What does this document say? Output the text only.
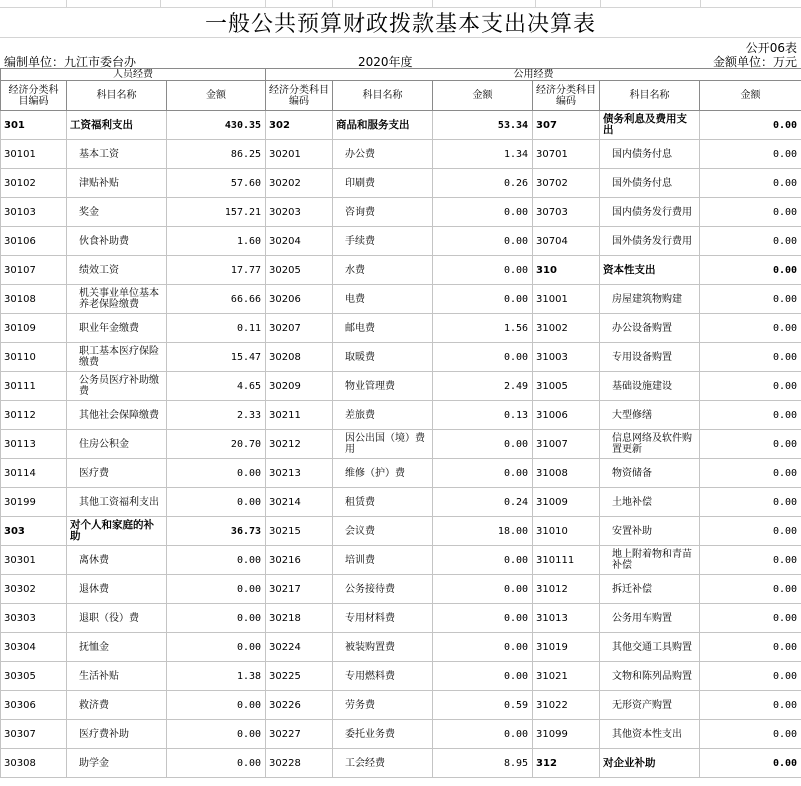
一般公共预算财政拨款基本支出决算表
公开06表
编制单位：九江市委台办	2020年度	金额单位：万元
人员经费			公用经费					
经济分类科目编码	科目名称	金额	经济分类科目编码	科目名称	金额	经济分类科目编码	科目名称	金额
301	工资福利支出	430.35	302	商品和服务支出	53.34	307	债务利息及费用支出	0.00
30101	基本工资	86.25	30201	办公费	1.34	30701	国内债务付息	0.00
30102	津贴补贴	57.60	30202	印刷费	0.26	30702	国外债务付息	0.00
30103	奖金	157.21	30203	咨询费	0.00	30703	国内债务发行费用	0.00
30106	伙食补助费	1.60	30204	手续费	0.00	30704	国外债务发行费用	0.00
30107	绩效工资	17.77	30205	水费	0.00	310	资本性支出	0.00
30108	机关事业单位基本养老保险缴费	66.66	30206	电费	0.00	31001	房屋建筑物购建	0.00
30109	职业年金缴费	0.11	30207	邮电费	1.56	31002	办公设备购置	0.00
30110	职工基本医疗保险缴费	15.47	30208	取暖费	0.00	31003	专用设备购置	0.00
30111	公务员医疗补助缴费	4.65	30209	物业管理费	2.49	31005	基础设施建设	0.00
30112	其他社会保障缴费	2.33	30211	差旅费	0.13	31006	大型修缮	0.00
30113	住房公积金	20.70	30212	因公出国（境）费用	0.00	31007	信息网络及软件购置更新	0.00
30114	医疗费	0.00	30213	维修（护）费	0.00	31008	物资储备	0.00
30199	其他工资福利支出	0.00	30214	租赁费	0.24	31009	土地补偿	0.00
303	对个人和家庭的补助	36.73	30215	会议费	18.00	31010	安置补助	0.00
30301	离休费	0.00	30216	培训费	0.00	310111	地上附着物和青苗补偿	0.00
30302	退休费	0.00	30217	公务接待费	0.00	31012	拆迁补偿	0.00
30303	退职（役）费	0.00	30218	专用材料费	0.00	31013	公务用车购置	0.00
30304	抚恤金	0.00	30224	被装购置费	0.00	31019	其他交通工具购置	0.00
30305	生活补贴	1.38	30225	专用燃料费	0.00	31021	文物和陈列品购置	0.00
30306	救济费	0.00	30226	劳务费	0.59	31022	无形资产购置	0.00
30307	医疗费补助	0.00	30227	委托业务费	0.00	31099	其他资本性支出	0.00
30308	助学金	0.00	30228	工会经费	8.95	312	对企业补助	0.00
